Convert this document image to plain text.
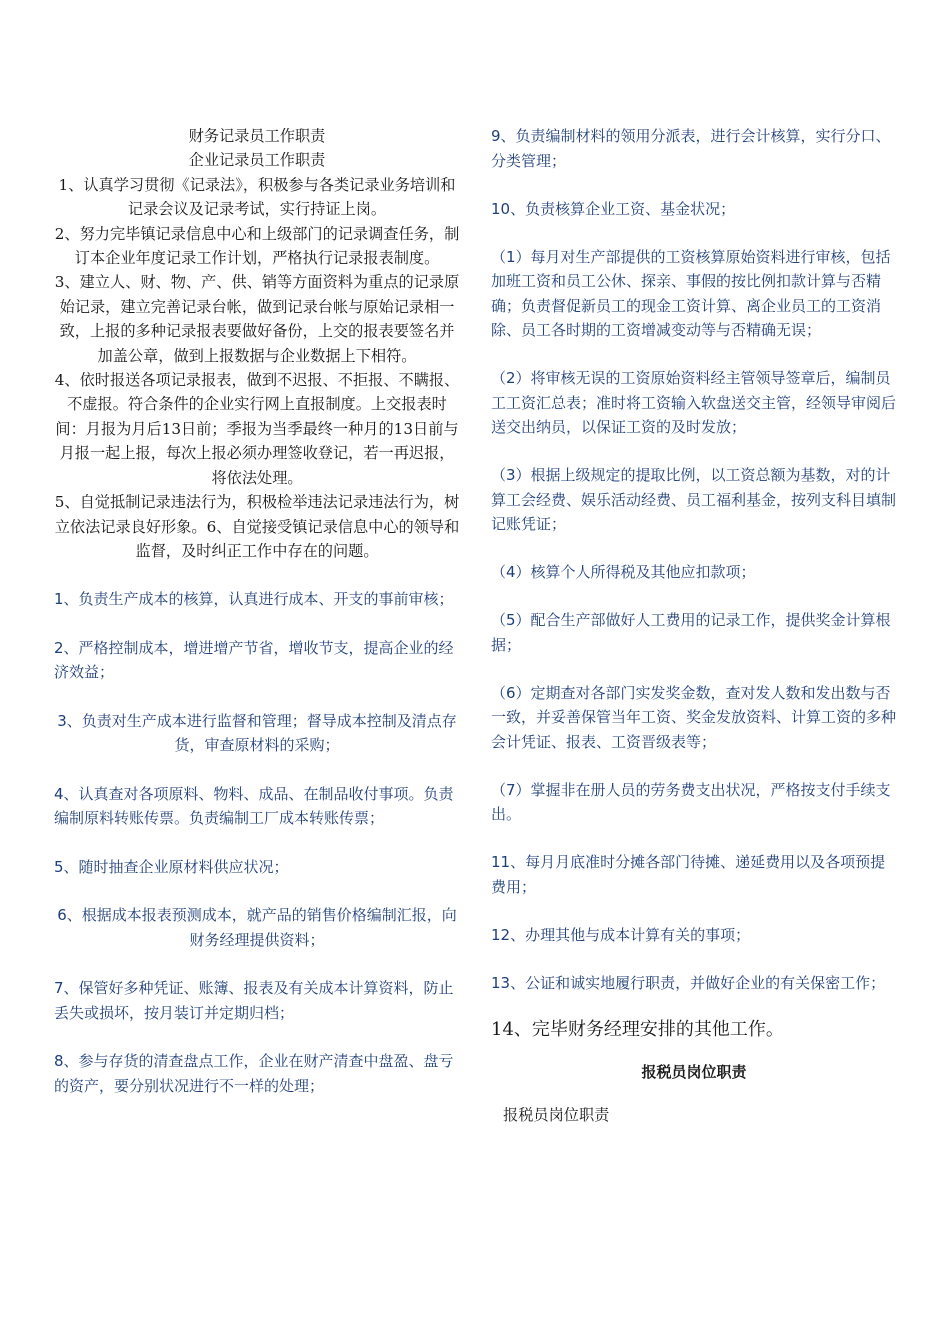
财务记录员工作职责
企业记录员工作职责
1、认真学习贯彻《记录法》，积极参与各类记录业务培训和记录会议及记录考试，实行持证上岗。
2、努力完毕镇记录信息中心和上级部门的记录调查任务，制订本企业年度记录工作计划，严格执行记录报表制度。
3、建立人、财、物、产、供、销等方面资料为重点的记录原始记录，建立完善记录台帐，做到记录台帐与原始记录相一致，上报的多种记录报表要做好备份，上交的报表要签名并加盖公章，做到上报数据与企业数据上下相符。
4、依时报送各项记录报表，做到不迟报、不拒报、不瞒报、不虚报。符合条件的企业实行网上直报制度。上交报表时间：月报为月后13日前；季报为当季最终一种月的13日前与月报一起上报，每次上报必须办理签收登记，若一再迟报，将依法处理。
5、自觉抵制记录违法行为，积极检举违法记录违法行为，树立依法记录良好形象。6、自觉接受镇记录信息中心的领导和监督，及时纠正工作中存在的问题。

1、负责生产成本的核算，认真进行成本、开支的事前审核；

2、严格控制成本，增进增产节省，增收节支，提高企业的经济效益；

3、负责对生产成本进行监督和管理；督导成本控制及清点存货，审查原材料的采购；

4、认真查对各项原料、物料、成品、在制品收付事项。负责编制原料转账传票。负责编制工厂成本转账传票；

5、随时抽查企业原材料供应状况；

6、根据成本报表预测成本，就产品的销售价格编制汇报，向财务经理提供资料；

7、保管好多种凭证、账簿、报表及有关成本计算资料，防止丢失或损坏，按月装订并定期归档；

8、参与存货的清查盘点工作，企业在财产清查中盘盈、盘亏的资产，要分别状况进行不一样的处理；

9、负责编制材料的领用分派表，进行会计核算，实行分口、分类管理；

10、负责核算企业工资、基金状况；

（1）每月对生产部提供的工资核算原始资料进行审核，包括加班工资和员工公休、探亲、事假的按比例扣款计算与否精确；负责督促新员工的现金工资计算、离企业员工的工资消除、员工各时期的工资增减变动等与否精确无误；

（2）将审核无误的工资原始资料经主管领导签章后，编制员工工资汇总表；准时将工资输入软盘送交主管，经领导审阅后送交出纳员，以保证工资的及时发放；

（3）根据上级规定的提取比例，以工资总额为基数，对的计算工会经费、娱乐活动经费、员工福利基金，按列支科目填制记账凭证；

（4）核算个人所得税及其他应扣款项；

（5）配合生产部做好人工费用的记录工作，提供奖金计算根据；

（6）定期查对各部门实发奖金数，查对发人数和发出数与否一致，并妥善保管当年工资、奖金发放资料、计算工资的多种会计凭证、报表、工资晋级表等；

（7）掌握非在册人员的劳务费支出状况，严格按支付手续支出。

11、每月月底准时分摊各部门待摊、递延费用以及各项预提费用；

12、办理其他与成本计算有关的事项；

13、公证和诚实地履行职责，并做好企业的有关保密工作；

14、完毕财务经理安排的其他工作。

报税员岗位职责

报税员岗位职责
